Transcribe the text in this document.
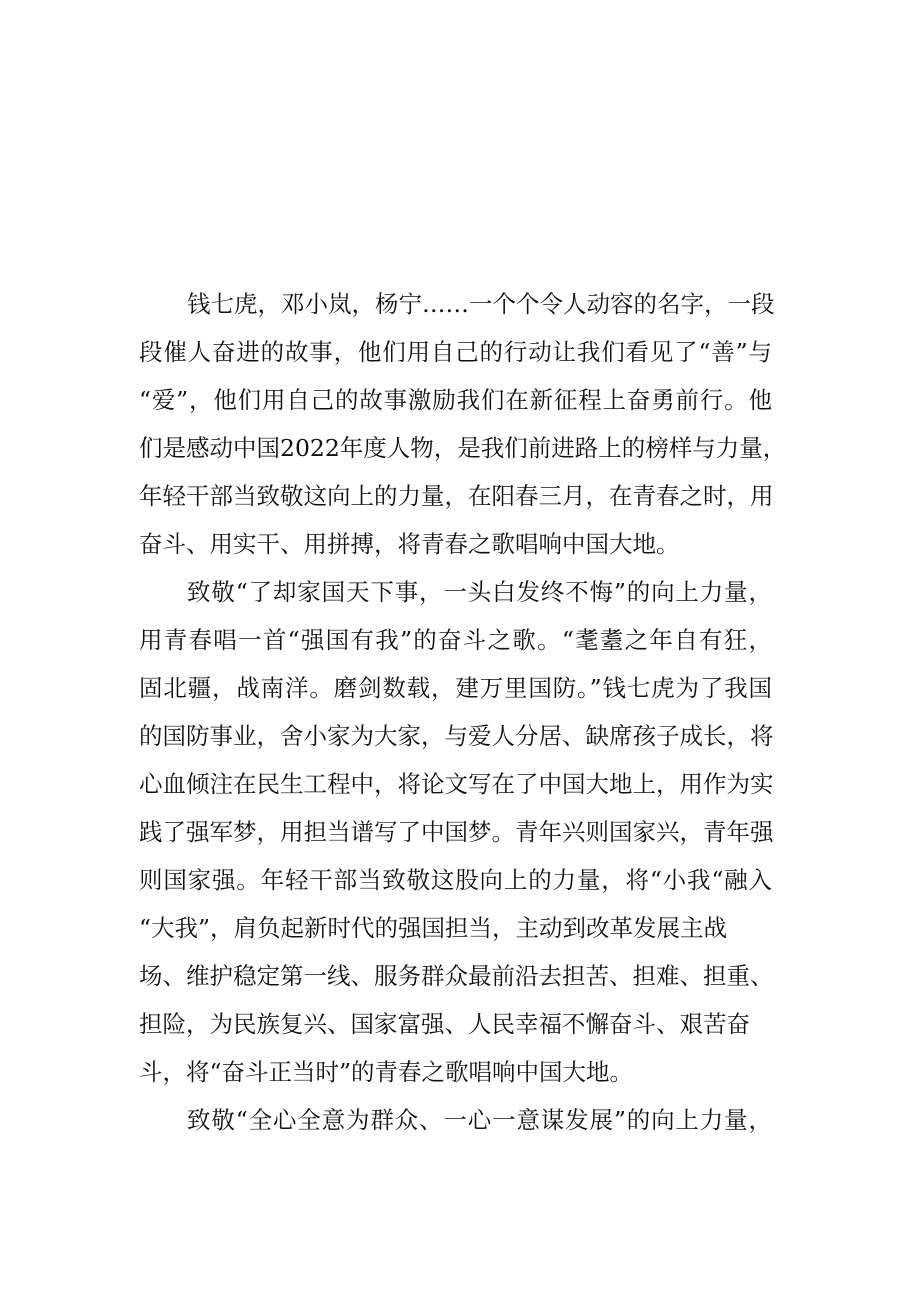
钱七虎，邓小岚，杨宁……一个个令人动容的名字，一段
段催人奋进的故事，他们用自己的行动让我们看见了“善”与
“爱”，他们用自己的故事激励我们在新征程上奋勇前行。他
们是感动中国2022年度人物，是我们前进路上的榜样与力量，
年轻干部当致敬这向上的力量，在阳春三月，在青春之时，用
奋斗、用实干、用拼搏，将青春之歌唱响中国大地。
致敬“了却家国天下事，一头白发终不悔”的向上力量，
用青春唱一首“强国有我”的奋斗之歌。“耄耋之年自有狂，
固北疆，战南洋。磨剑数载，建万里国防。”钱七虎为了我国
的国防事业，舍小家为大家，与爱人分居、缺席孩子成长，将
心血倾注在民生工程中，将论文写在了中国大地上，用作为实
践了强军梦，用担当谱写了中国梦。青年兴则国家兴，青年强
则国家强。年轻干部当致敬这股向上的力量，将“小我“融入
“大我”，肩负起新时代的强国担当，主动到改革发展主战
场、维护稳定第一线、服务群众最前沿去担苦、担难、担重、
担险，为民族复兴、国家富强、人民幸福不懈奋斗、艰苦奋
斗，将“奋斗正当时”的青春之歌唱响中国大地。
致敬“全心全意为群众、一心一意谋发展”的向上力量，
